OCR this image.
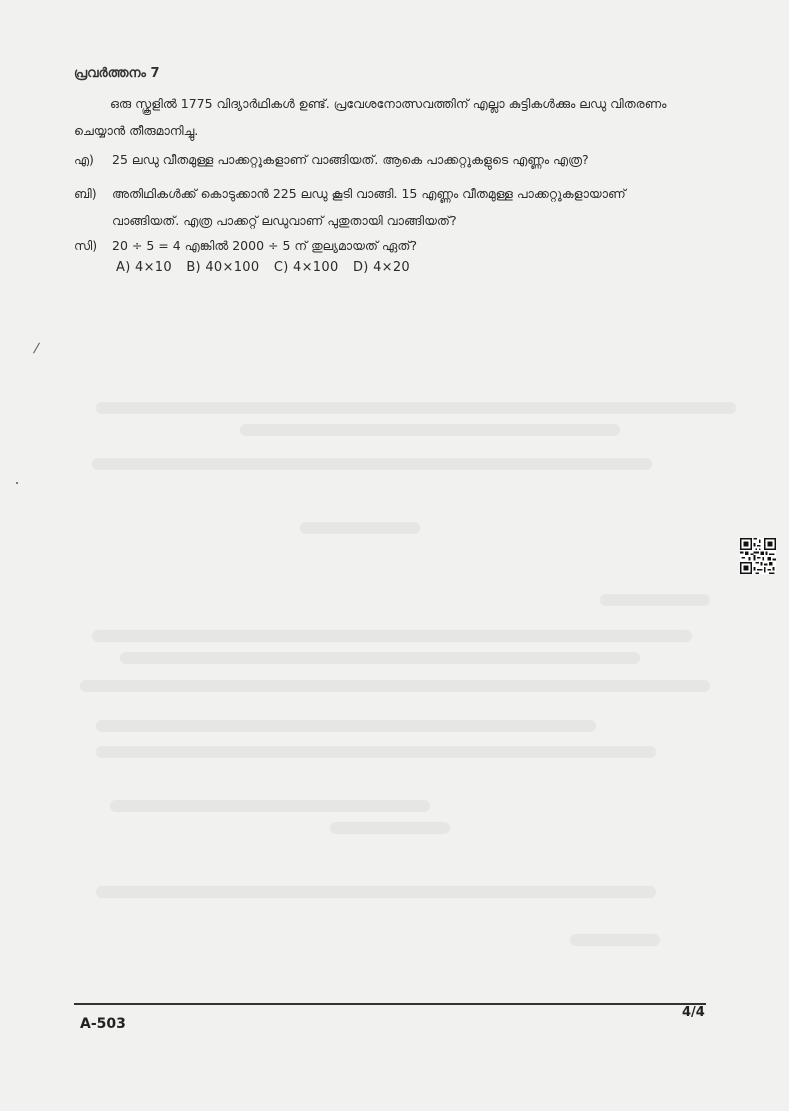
പ്രവർത്തനം 7
ഒരു സ്കൂളിൽ 1775 വിദ്യാർഥികൾ ഉണ്ട്. പ്രവേശനോത്സവത്തിന് എല്ലാ കുട്ടികൾക്കും ലഡു വിതരണം ചെയ്യാൻ തീരുമാനിച്ചു.
എ) 25 ലഡു വീതമുള്ള പാക്കറ്റുകളാണ് വാങ്ങിയത്. ആകെ പാക്കറ്റുകളുടെ എണ്ണം എത്ര?
ബി) അതിഥികൾക്ക് കൊടുക്കാൻ 225 ലഡു കൂടി വാങ്ങി. 15 എണ്ണം വീതമുള്ള പാക്കറ്റുകളായാണ്
വാങ്ങിയത്. എത്ര പാക്കറ്റ് ലഡുവാണ് പുതുതായി വാങ്ങിയത്?
സി) 20 ÷ 5 = 4 എങ്കിൽ 2000 ÷ 5 ന് തുല്യമായത് ഏത്?
A) 4×10 B) 40×100 C) 4×100 D) 4×20
A-503
4/4
